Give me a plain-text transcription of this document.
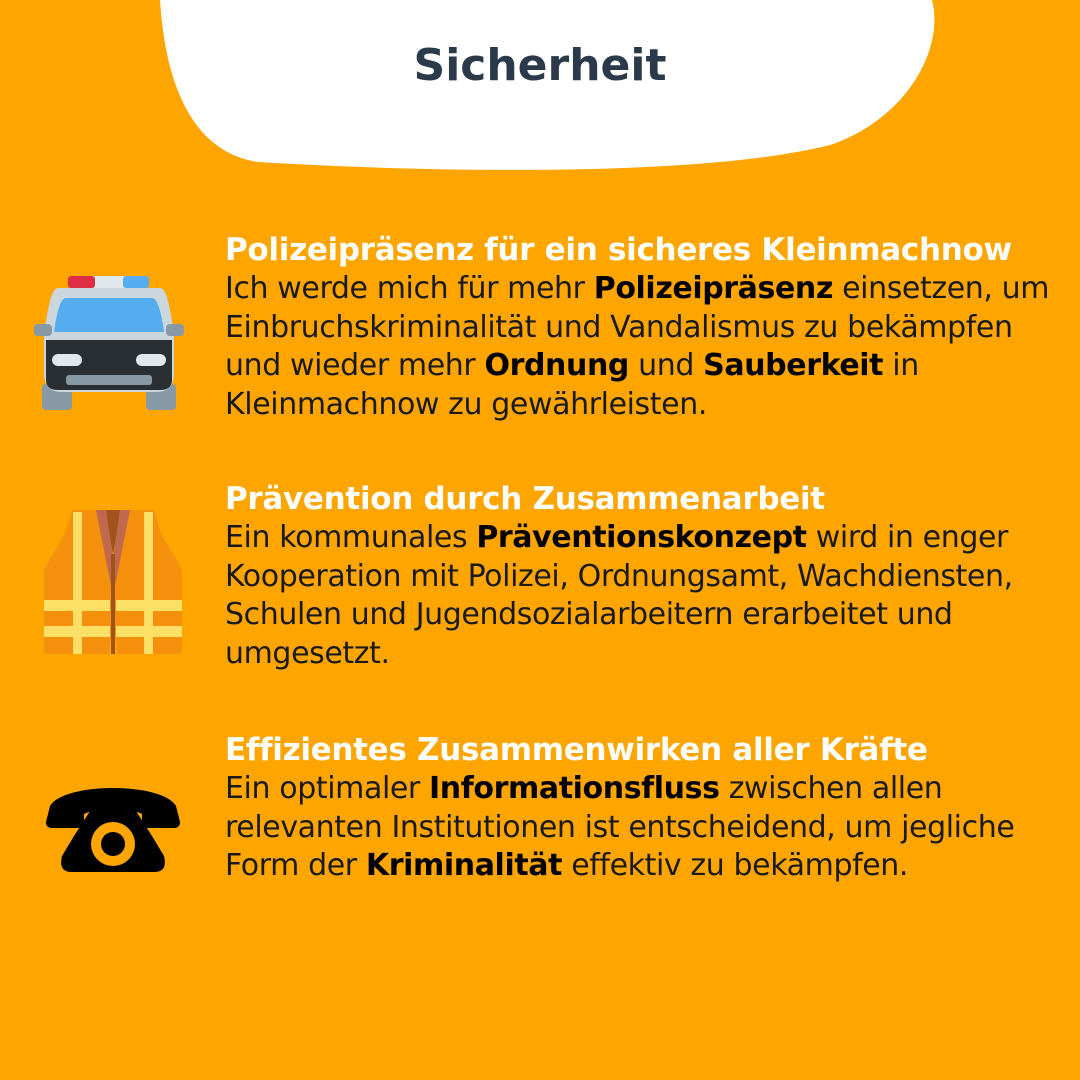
Sicherheit
Polizeipräsenz für ein sicheres Kleinmachnow

Ich werde mich für mehr Polizeipräsenz einsetzen, um Einbruchskriminalität und Vandalismus zu bekämpfen und wieder mehr Ordnung und Sauberkeit in Kleinmachnow zu gewährleisten.

Prävention durch Zusammenarbeit

Ein kommunales Präventionskonzept wird in enger Kooperation mit Polizei, Ordnungsamt, Wachdiensten, Schulen und Jugendsozialarbeitern erarbeitet und umgesetzt.

Effizientes Zusammenwirken aller Kräfte

Ein optimaler Informationsfluss zwischen allen relevanten Institutionen ist entscheidend, um jegliche Form der Kriminalität effektiv zu bekämpfen.
